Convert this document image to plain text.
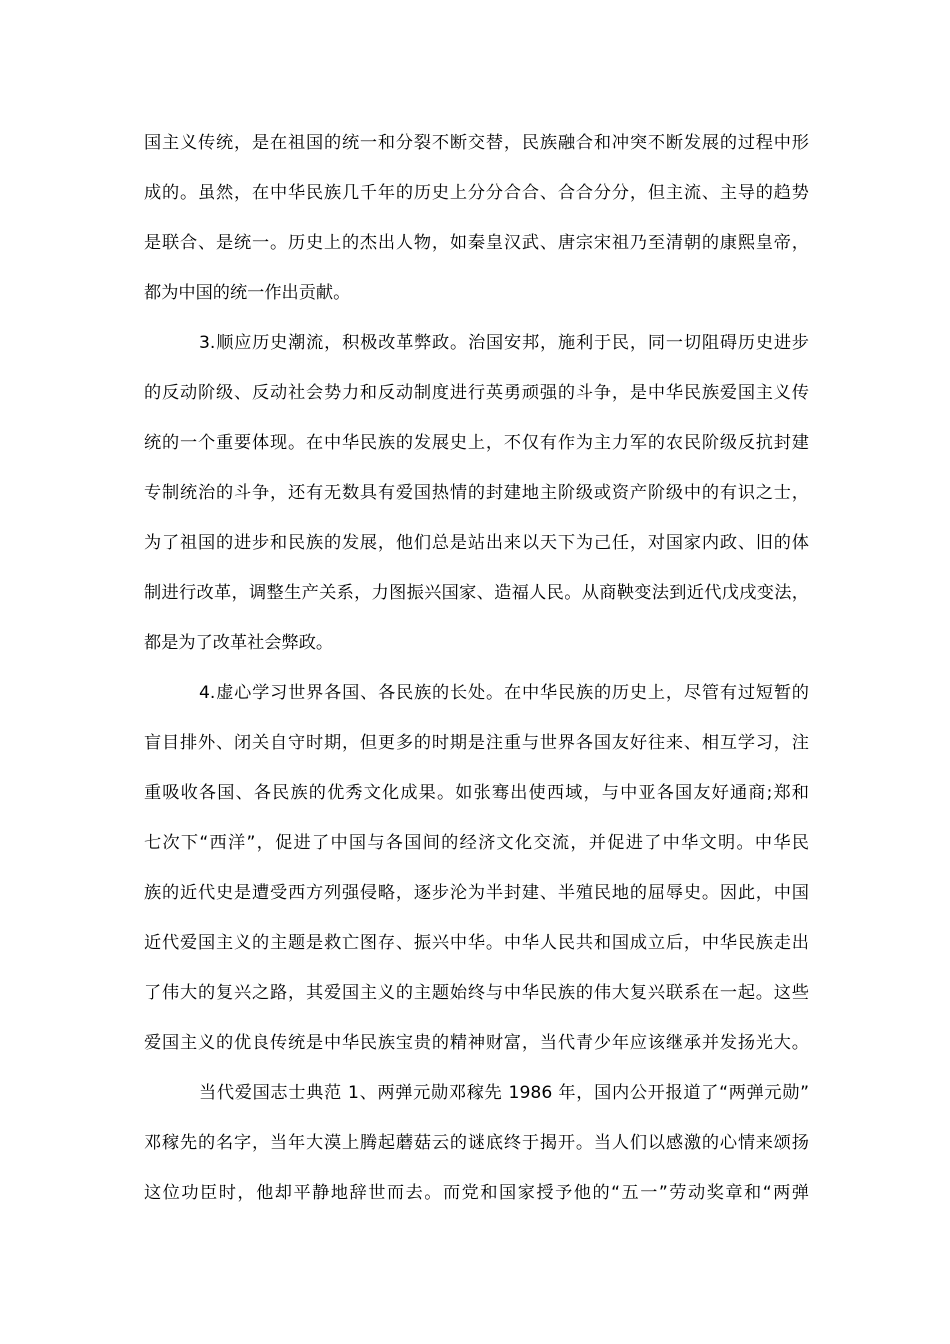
国主义传统，是在祖国的统一和分裂不断交替，民族融合和冲突不断发展的过程中形
成的。虽然，在中华民族几千年的历史上分分合合、合合分分，但主流、主导的趋势
是联合、是统一。历史上的杰出人物，如秦皇汉武、唐宗宋祖乃至清朝的康熙皇帝，
都为中国的统一作出贡献。
3.顺应历史潮流，积极改革弊政。治国安邦，施利于民，同一切阻碍历史进步
的反动阶级、反动社会势力和反动制度进行英勇顽强的斗争，是中华民族爱国主义传
统的一个重要体现。在中华民族的发展史上，不仅有作为主力军的农民阶级反抗封建
专制统治的斗争，还有无数具有爱国热情的封建地主阶级或资产阶级中的有识之士，
为了祖国的进步和民族的发展，他们总是站出来以天下为己任，对国家内政、旧的体
制进行改革，调整生产关系，力图振兴国家、造福人民。从商鞅变法到近代戊戌变法，
都是为了改革社会弊政。
4.虚心学习世界各国、各民族的长处。在中华民族的历史上，尽管有过短暂的
盲目排外、闭关自守时期，但更多的时期是注重与世界各国友好往来、相互学习，注
重吸收各国、各民族的优秀文化成果。如张骞出使西域，与中亚各国友好通商;郑和
七次下“西洋”，促进了中国与各国间的经济文化交流，并促进了中华文明。中华民
族的近代史是遭受西方列强侵略，逐步沦为半封建、半殖民地的屈辱史。因此，中国
近代爱国主义的主题是救亡图存、振兴中华。中华人民共和国成立后，中华民族走出
了伟大的复兴之路，其爱国主义的主题始终与中华民族的伟大复兴联系在一起。这些
爱国主义的优良传统是中华民族宝贵的精神财富，当代青少年应该继承并发扬光大。
当代爱国志士典范 1、两弹元勋邓稼先 1986 年，国内公开报道了“两弹元勋”
邓稼先的名字，当年大漠上腾起蘑菇云的谜底终于揭开。当人们以感激的心情来颂扬
这位功臣时，他却平静地辞世而去。而党和国家授予他的“五一”劳动奖章和“两弹
